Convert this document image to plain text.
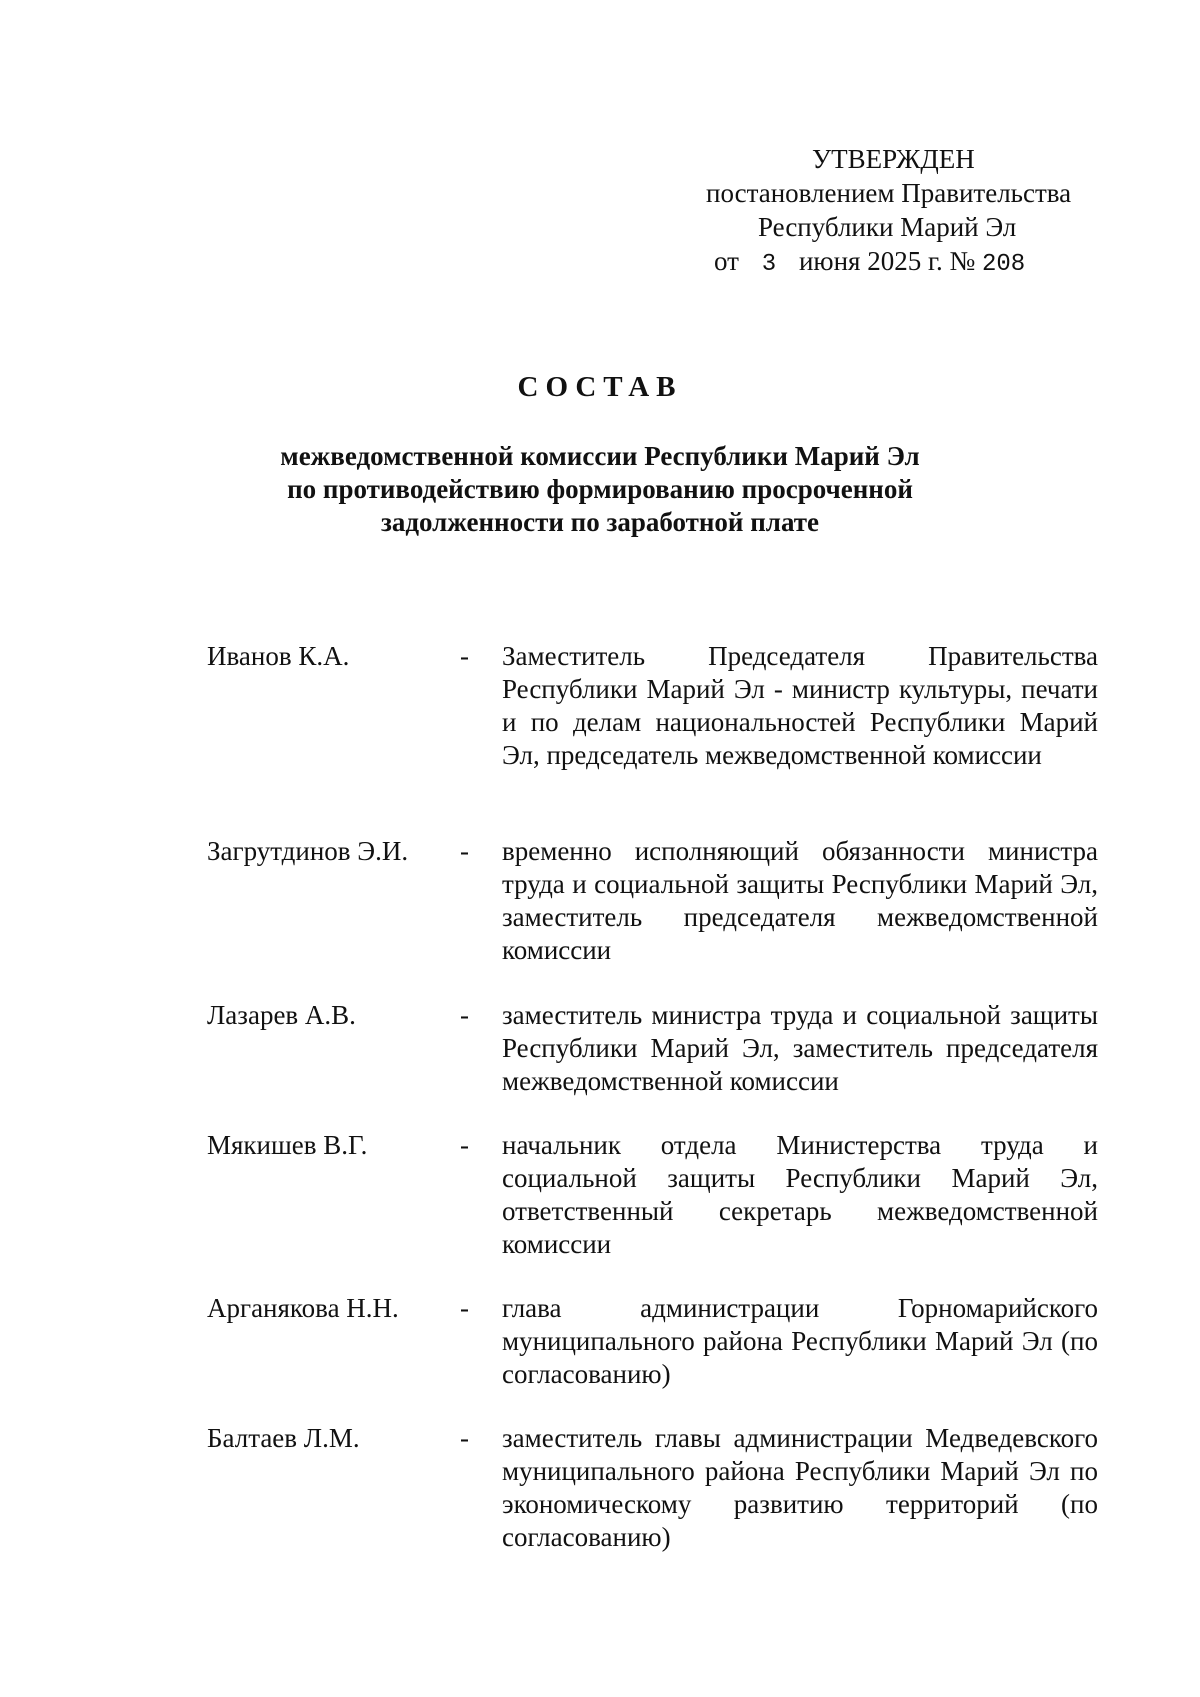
УТВЕРЖДЕН
постановлением Правительства
Республики Марий Эл
от 3 июня 2025 г. № 208
СОСТАВ
межведомственной комиссии Республики Марий Эл
по противодействию формированию просроченной
задолженности по заработной плате
Иванов К.А.	- Заместитель Председателя Правительства Республики Марий Эл - министр культуры, печати и по делам национальностей Республики Марий Эл, председатель межведомственной комиссии
Загрутдинов Э.И. - временно исполняющий обязанности министра труда и социальной защиты Республики Марий Эл, заместитель председателя межведомственной комиссии
Лазарев А.В.	- заместитель министра труда и социальной защиты Республики Марий Эл, заместитель председателя межведомственной комиссии
Мякишев В.Г.	- начальник отдела Министерства труда и социальной защиты Республики Марий Эл, ответственный секретарь межведомственной комиссии
Арганякова Н.Н. - глава администрации Горномарийского муниципального района Республики Марий Эл (по согласованию)
Балтаев Л.М.	- заместитель главы администрации Медведевского муниципального района Республики Марий Эл по экономическому развитию территорий (по согласованию)
